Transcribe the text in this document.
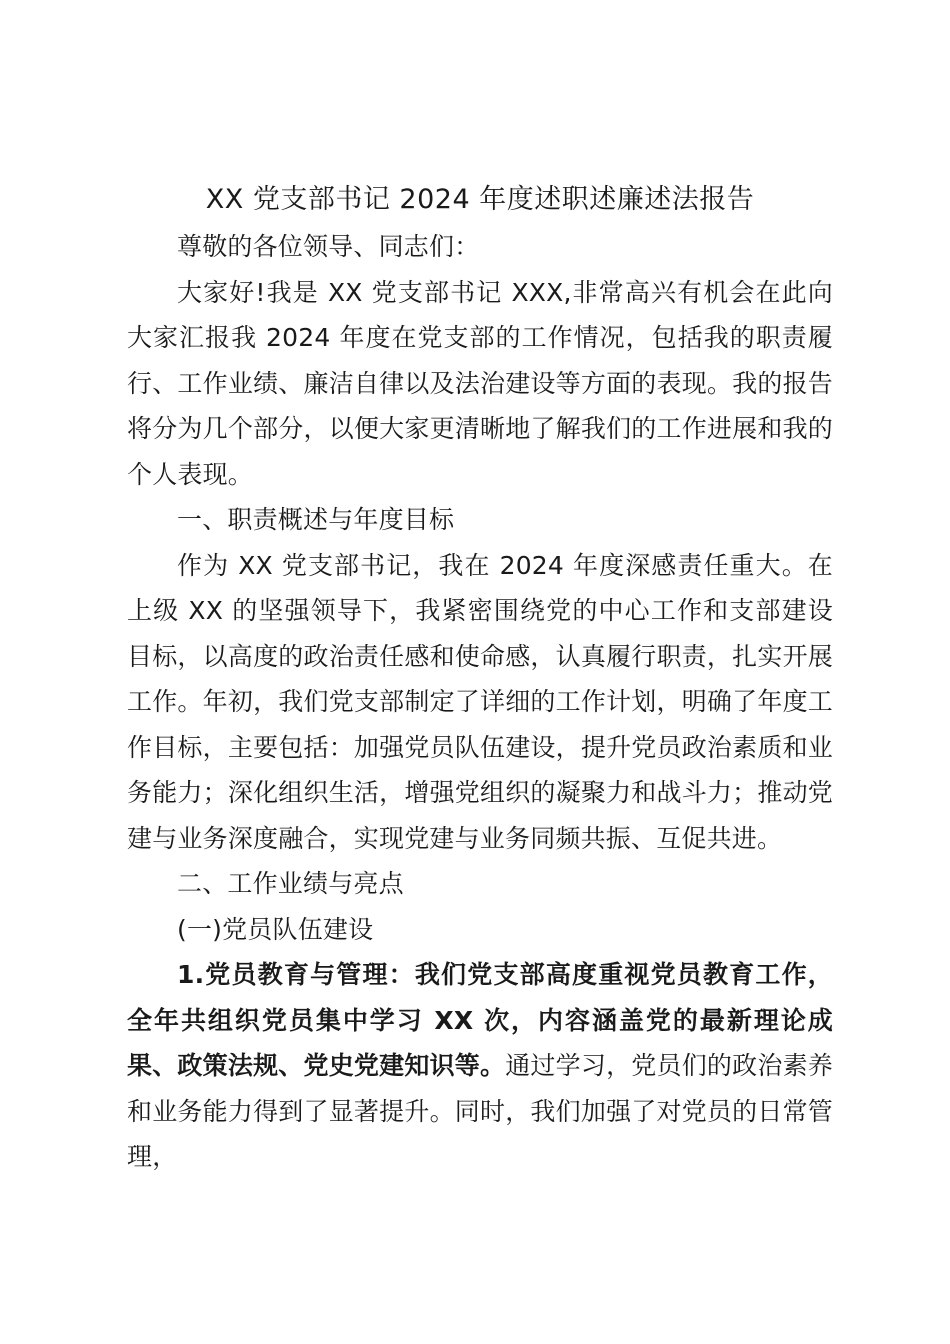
XX 党支部书记 2024 年度述职述廉述法报告

尊敬的各位领导、同志们：

大家好!我是 XX 党支部书记 XXX,非常高兴有机会在此向大家汇报我 2024 年度在党支部的工作情况，包括我的职责履行、工作业绩、廉洁自律以及法治建设等方面的表现。我的报告将分为几个部分，以便大家更清晰地了解我们的工作进展和我的个人表现。

一、职责概述与年度目标

作为 XX 党支部书记，我在 2024 年度深感责任重大。在上级 XX 的坚强领导下，我紧密围绕党的中心工作和支部建设目标，以高度的政治责任感和使命感，认真履行职责，扎实开展工作。年初，我们党支部制定了详细的工作计划，明确了年度工作目标，主要包括：加强党员队伍建设，提升党员政治素质和业务能力；深化组织生活，增强党组织的凝聚力和战斗力；推动党建与业务深度融合，实现党建与业务同频共振、互促共进。

二、工作业绩与亮点

(一)党员队伍建设

1.党员教育与管理：我们党支部高度重视党员教育工作，全年共组织党员集中学习 XX 次，内容涵盖党的最新理论成果、政策法规、党史党建知识等。通过学习，党员们的政治素养和业务能力得到了显著提升。同时，我们加强了对党员的日常管理，
